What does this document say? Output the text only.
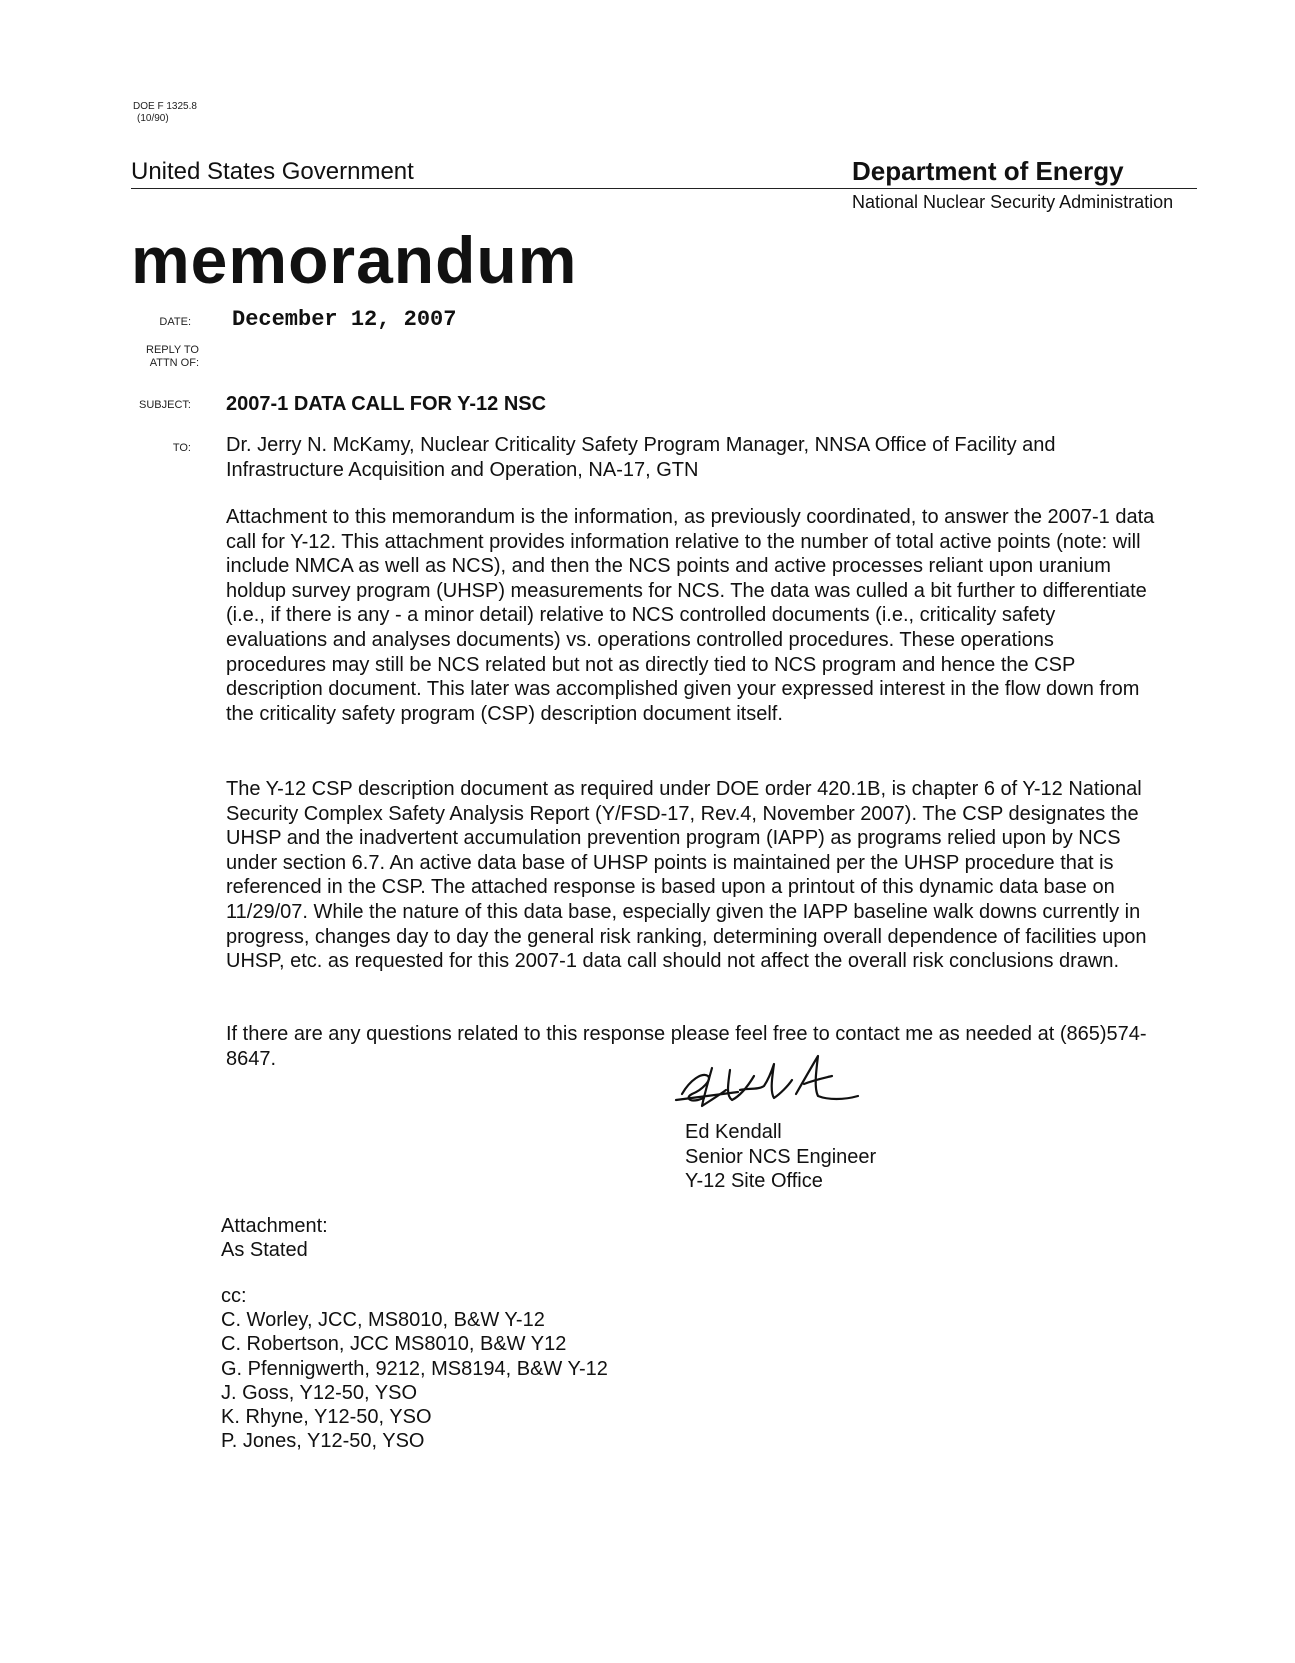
DOE F 1325.8
(10/90)
United States Government	Department of Energy
National Nuclear Security Administration
memorandum
DATE: December 12, 2007
REPLY TO
ATTN OF:
SUBJECT: 2007-1 DATA CALL FOR Y-12 NSC
TO: Dr. Jerry N. McKamy, Nuclear Criticality Safety Program Manager, NNSA Office of Facility and Infrastructure Acquisition and Operation, NA-17, GTN

Attachment to this memorandum is the information, as previously coordinated, to answer the 2007-1 data call for Y-12. This attachment provides information relative to the number of total active points (note: will include NMCA as well as NCS), and then the NCS points and active processes reliant upon uranium holdup survey program (UHSP) measurements for NCS. The data was culled a bit further to differentiate (i.e., if there is any - a minor detail) relative to NCS controlled documents (i.e., criticality safety evaluations and analyses documents) vs. operations controlled procedures. These operations procedures may still be NCS related but not as directly tied to NCS program and hence the CSP description document. This later was accomplished given your expressed interest in the flow down from the criticality safety program (CSP) description document itself.

The Y-12 CSP description document as required under DOE order 420.1B, is chapter 6 of Y-12 National Security Complex Safety Analysis Report (Y/FSD-17, Rev.4, November 2007). The CSP designates the UHSP and the inadvertent accumulation prevention program (IAPP) as programs relied upon by NCS under section 6.7. An active data base of UHSP points is maintained per the UHSP procedure that is referenced in the CSP. The attached response is based upon a printout of this dynamic data base on 11/29/07. While the nature of this data base, especially given the IAPP baseline walk downs currently in progress, changes day to day the general risk ranking, determining overall dependence of facilities upon UHSP, etc. as requested for this 2007-1 data call should not affect the overall risk conclusions drawn.

If there are any questions related to this response please feel free to contact me as needed at (865)574-8647.

Ed Kendall
Senior NCS Engineer
Y-12 Site Office
Attachment:
As Stated
cc:
C. Worley, JCC, MS8010, B&W Y-12
C. Robertson, JCC MS8010, B&W Y12
G. Pfennigwerth, 9212, MS8194, B&W Y-12
J. Goss, Y12-50, YSO
K. Rhyne, Y12-50, YSO
P. Jones, Y12-50, YSO
